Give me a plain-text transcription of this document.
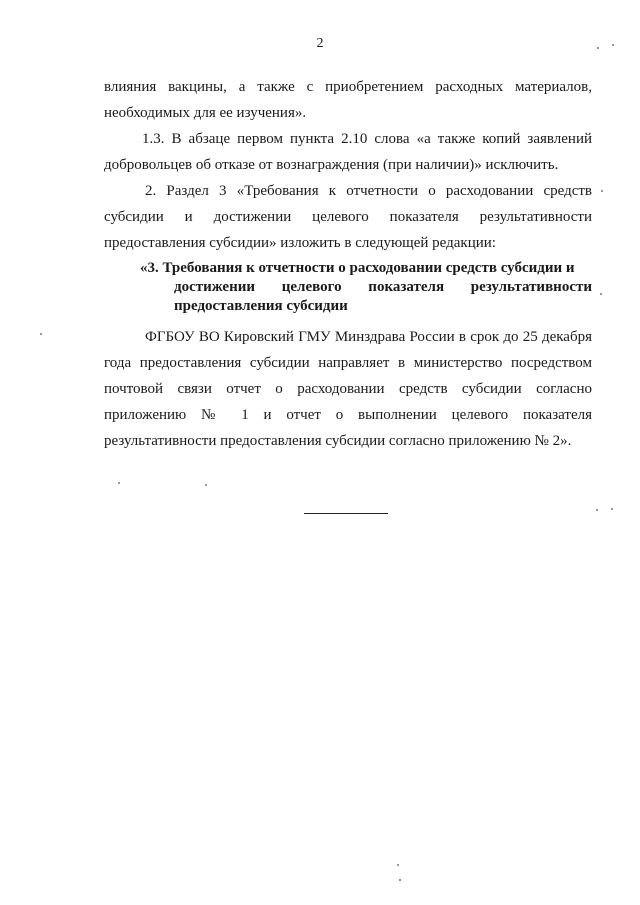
2
влияния вакцины, а также с приобретением расходных материалов,
необходимых для ее изучения».
1.3. В абзаце первом пункта 2.10 слова «а также копий заявлений
добровольцев об отказе от вознаграждения (при наличии)» исключить.
2. Раздел 3 «Требования к отчетности о расходовании средств
субсидии и достижении целевого показателя результативности
предоставления субсидии» изложить в следующей редакции:
«3. Требования к отчетности о расходовании средств субсидии и
достижении целевого показателя результативности
предоставления субсидии
ФГБОУ ВО Кировский ГМУ Минздрава России в срок до 25 декабря
года предоставления субсидии направляет в министерство посредством
почтовой связи отчет о расходовании средств субсидии согласно
приложению № 1 и отчет о выполнении целевого показателя
результативности предоставления субсидии согласно приложению № 2».
